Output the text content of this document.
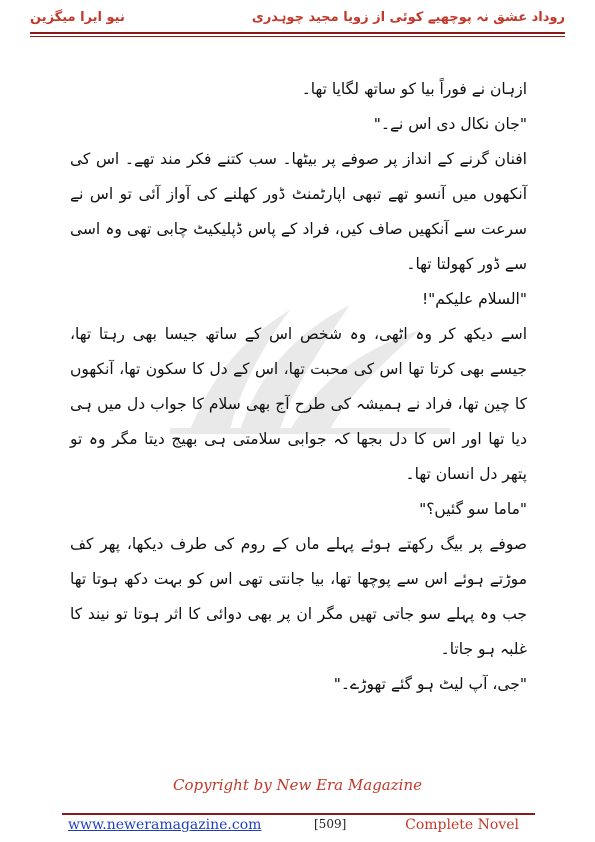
نیو ایرا میگزین	روداد عشق نہ پوچھیے کوئی از زویا مجید چوہدری

ازہان نے فوراً بیا کو ساتھ لگایا تھا۔

"جان نکال دی اس نے۔"

افنان گرنے کے انداز پر صوفے پر بیٹھا۔ سب کتنے فکر مند تھے۔ اس کی آنکھوں میں آنسو تھے تبھی اپارٹمنٹ ڈور کھلنے کی آواز آئی تو اس نے سرعت سے آنکھیں صاف کیں، فراد کے پاس ڈپلیکیٹ چابی تھی وہ اسی سے ڈور کھولتا تھا۔

"السلام علیکم"!

اسے دیکھ کر وہ اٹھی، وہ شخص اس کے ساتھ جیسا بھی رہتا تھا، جیسے بھی کرتا تھا اس کی محبت تھا، اس کے دل کا سکون تھا، آنکھوں کا چین تھا، فراد نے ہمیشہ کی طرح آج بھی سلام کا جواب دل میں ہی دیا تھا اور اس کا دل بجھا کہ جوابی سلامتی ہی بھیج دیتا مگر وہ تو پتھر دل انسان تھا۔

"ماما سو گئیں؟"

صوفے پر بیگ رکھتے ہوئے پہلے ماں کے روم کی طرف دیکھا، پھر کف موڑتے ہوئے اس سے پوچھا تھا، بیا جانتی تھی اس کو بہت دکھ ہوتا تھا جب وہ پہلے سو جاتی تھیں مگر ان پر بھی دوائی کا اثر ہوتا تو نیند کا غلبہ ہو جاتا۔

"جی، آپ لیٹ ہو گئے تھوڑے۔"

Copyright by New Era Magazine
www.neweramagazine.com	[509]	Complete Novel
